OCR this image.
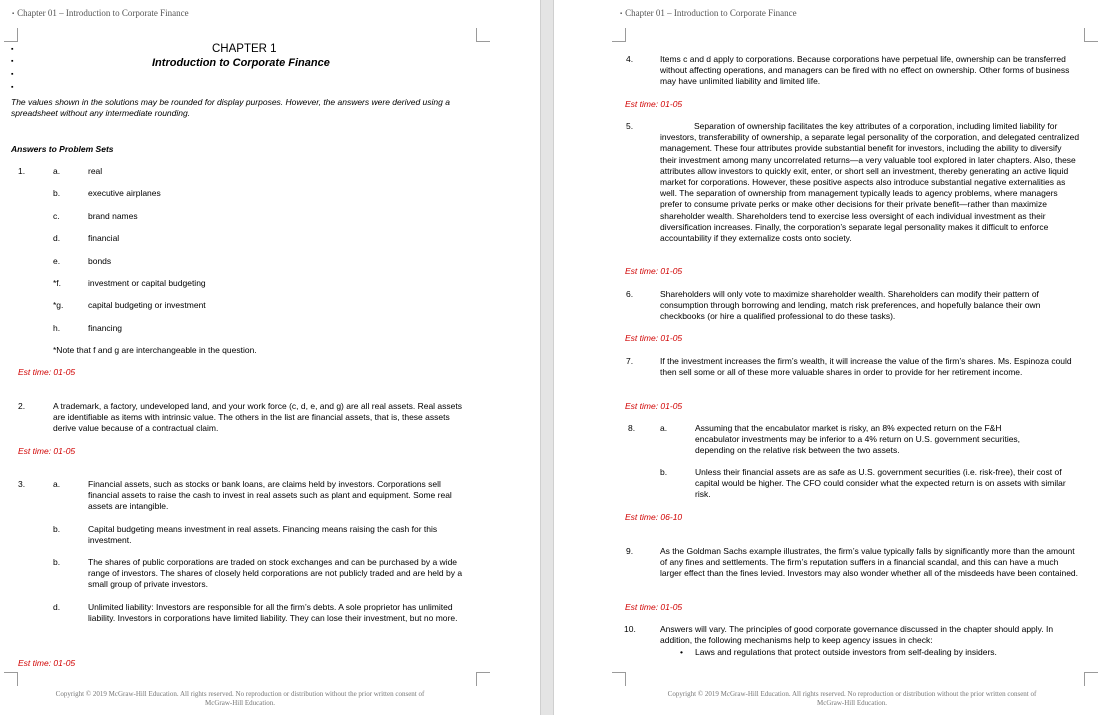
▪ Chapter 01 – Introduction to Corporate Finance
▪
▪
▪
▪
CHAPTER 1
Introduction to Corporate Finance
The values shown in the solutions may be rounded for display purposes. However, the answers were derived using a spreadsheet without any intermediate rounding.
Answers to Problem Sets
1.	a.	real
b.	executive airplanes
c.	brand names
d.	financial
e.	bonds
*f.	investment or capital budgeting
*g.	capital budgeting or investment
h.	financing
*Note that f and g are interchangeable in the question.
Est time: 01-05
2.	A trademark, a factory, undeveloped land, and your work force (c, d, e, and g) are all real assets. Real assets are identifiable as items with intrinsic value. The others in the list are financial assets, that is, these assets derive value because of a contractual claim.
Est time: 01-05
3.	a.	Financial assets, such as stocks or bank loans, are claims held by investors. Corporations sell financial assets to raise the cash to invest in real assets such as plant and equipment. Some real assets are intangible.
b.	Capital budgeting means investment in real assets. Financing means raising the cash for this investment.
b.	The shares of public corporations are traded on stock exchanges and can be purchased by a wide range of investors. The shares of closely held corporations are not publicly traded and are held by a small group of private investors.
d.	Unlimited liability: Investors are responsible for all the firm’s debts. A sole proprietor has unlimited liability. Investors in corporations have limited liability. They can lose their investment, but no more.
Est time: 01-05
Copyright © 2019 McGraw-Hill Education. All rights reserved. No reproduction or distribution without the prior written consent of
McGraw-Hill Education.
▪ Chapter 01 – Introduction to Corporate Finance
4.	Items c and d apply to corporations. Because corporations have perpetual life, ownership can be transferred without affecting operations, and managers can be fired with no effect on ownership. Other forms of business may have unlimited liability and limited life.
Est time: 01-05
5.	Separation of ownership facilitates the key attributes of a corporation, including limited liability for investors, transferability of ownership, a separate legal personality of the corporation, and delegated centralized management. These four attributes provide substantial benefit for investors, including the ability to diversify their investment among many uncorrelated returns—a very valuable tool explored in later chapters. Also, these attributes allow investors to quickly exit, enter, or short sell an investment, thereby generating an active liquid market for corporations. However, these positive aspects also introduce substantial negative externalities as well. The separation of ownership from management typically leads to agency problems, where managers prefer to consume private perks or make other decisions for their private benefit—rather than maximize shareholder wealth. Shareholders tend to exercise less oversight of each individual investment as their diversification increases. Finally, the corporation’s separate legal personality makes it difficult to enforce accountability if they externalize costs onto society.
Est time: 01-05
6.	Shareholders will only vote to maximize shareholder wealth. Shareholders can modify their pattern of consumption through borrowing and lending, match risk preferences, and hopefully balance their own checkbooks (or hire a qualified professional to do these tasks).
Est time: 01-05
7.	If the investment increases the firm’s wealth, it will increase the value of the firm’s shares. Ms. Espinoza could then sell some or all of these more valuable shares in order to provide for her retirement income.
Est time: 01-05
8.	a.	Assuming that the encabulator market is risky, an 8% expected return on the F&H encabulator investments may be inferior to a 4% return on U.S. government securities, depending on the relative risk between the two assets.
b.	Unless their financial assets are as safe as U.S. government securities (i.e. risk-free), their cost of capital would be higher. The CFO could consider what the expected return is on assets with similar risk.
Est time: 06-10
9.	As the Goldman Sachs example illustrates, the firm’s value typically falls by significantly more than the amount of any fines and settlements. The firm’s reputation suffers in a financial scandal, and this can have a much larger effect than the fines levied. Investors may also wonder whether all of the misdeeds have been contained.
Est time: 01-05
10.	Answers will vary. The principles of good corporate governance discussed in the chapter should apply. In addition, the following mechanisms help to keep agency issues in check:
• Laws and regulations that protect outside investors from self-dealing by insiders.
Copyright © 2019 McGraw-Hill Education. All rights reserved. No reproduction or distribution without the prior written consent of
McGraw-Hill Education.
